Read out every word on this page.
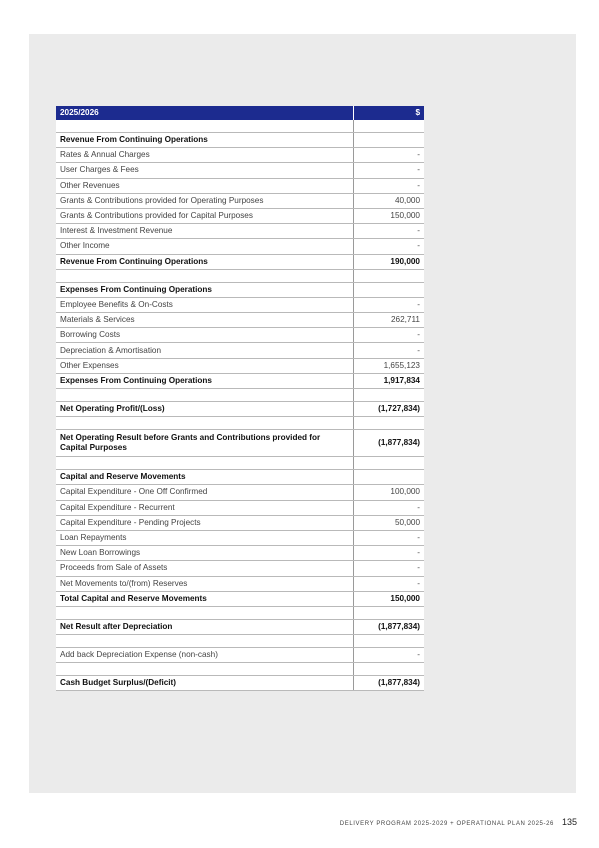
2025/2026	$

Revenue From Continuing Operations	
Rates & Annual Charges	-
User Charges & Fees	-
Other Revenues	-
Grants & Contributions provided for Operating Purposes	40,000
Grants & Contributions provided for Capital Purposes	150,000
Interest & Investment Revenue	-
Other Income	-
Revenue From Continuing Operations	190,000

Expenses From Continuing Operations	
Employee Benefits & On-Costs	-
Materials & Services	262,711
Borrowing Costs	-
Depreciation & Amortisation	-
Other Expenses	1,655,123
Expenses From Continuing Operations	1,917,834

Net Operating Profit/(Loss)	(1,727,834)

Net Operating Result before Grants and Contributions provided for Capital Purposes	(1,877,834)

Capital and Reserve Movements	
Capital Expenditure - One Off Confirmed	100,000
Capital Expenditure - Recurrent	-
Capital Expenditure - Pending Projects	50,000
Loan Repayments	-
New Loan Borrowings	-
Proceeds from Sale of Assets	-
Net Movements to/(from) Reserves	-
Total Capital and Reserve Movements	150,000

Net Result after Depreciation	(1,877,834)

Add back Depreciation Expense (non-cash)	-

Cash Budget Surplus/(Deficit)	(1,877,834)
DELIVERY PROGRAM 2025-2029 + OPERATIONAL PLAN 2025-26 135
